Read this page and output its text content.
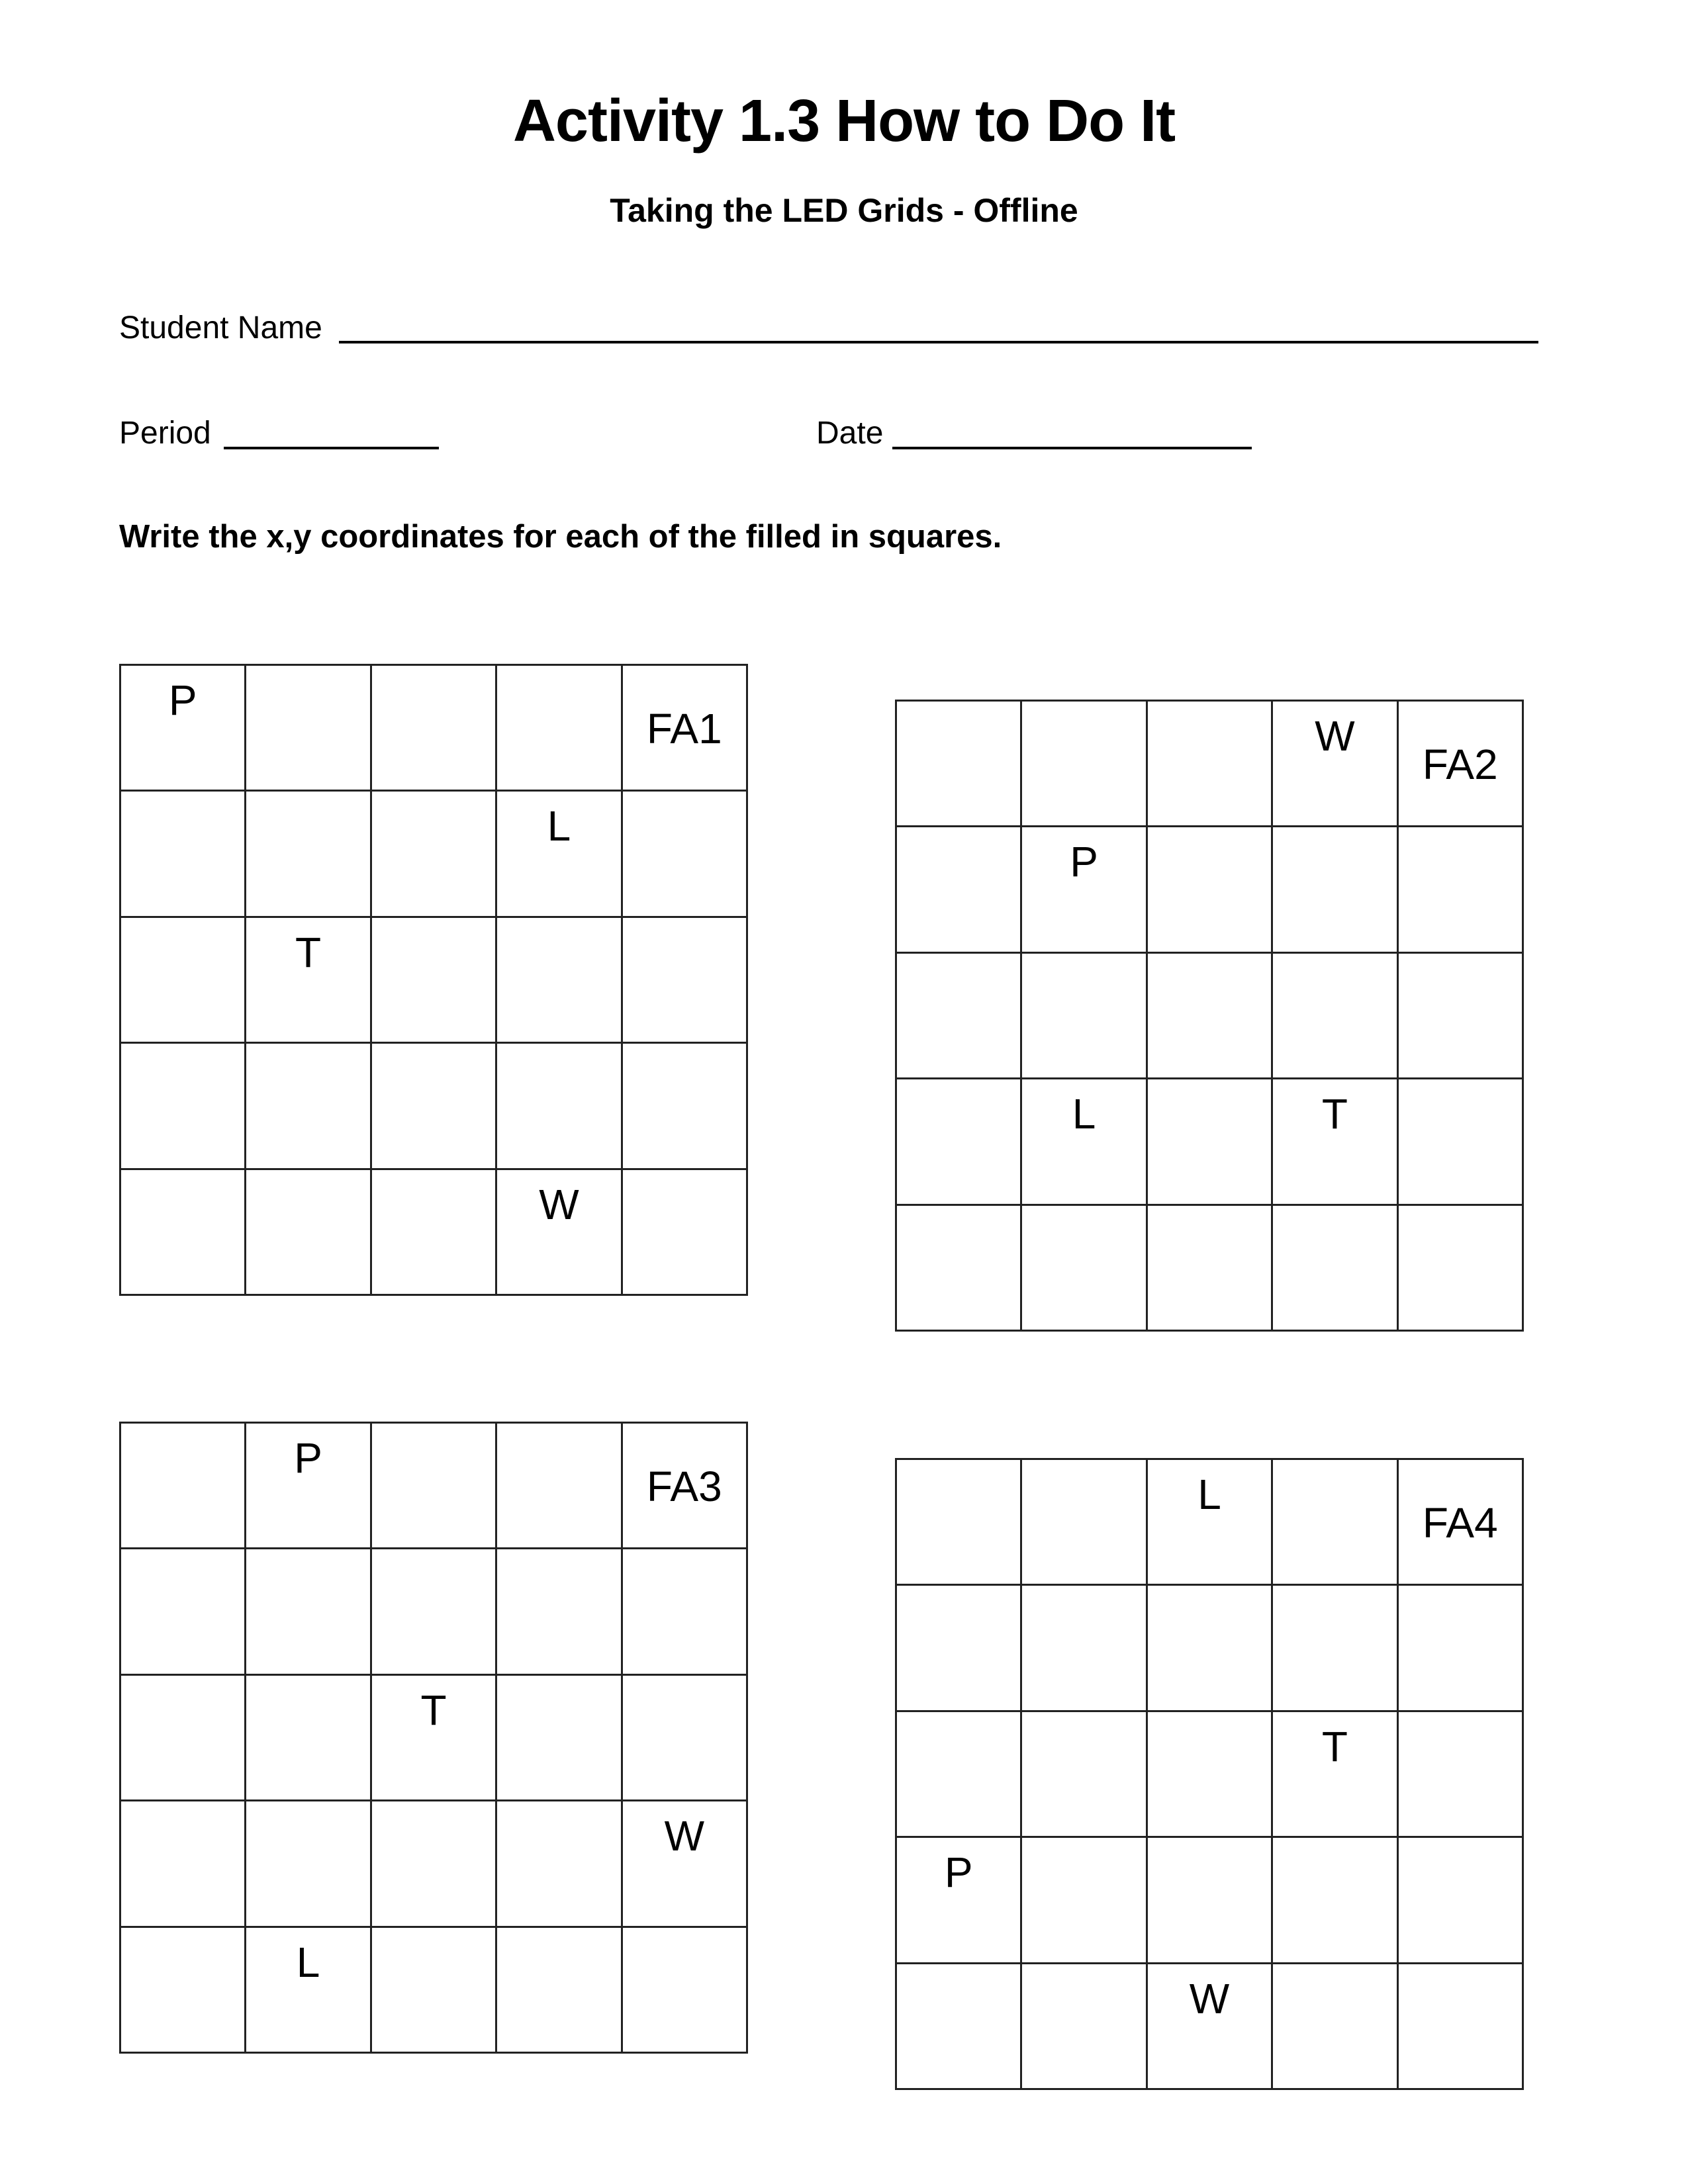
Activity 1.3 How to Do It
Taking the LED Grids - Offline
Student Name
Period	Date

Write the x,y coordinates for each of the filled in squares.

P
FA1
L
T
W
W
FA2
P
L	T
P
FA3
T
W
L
L
FA4
T
P
W
